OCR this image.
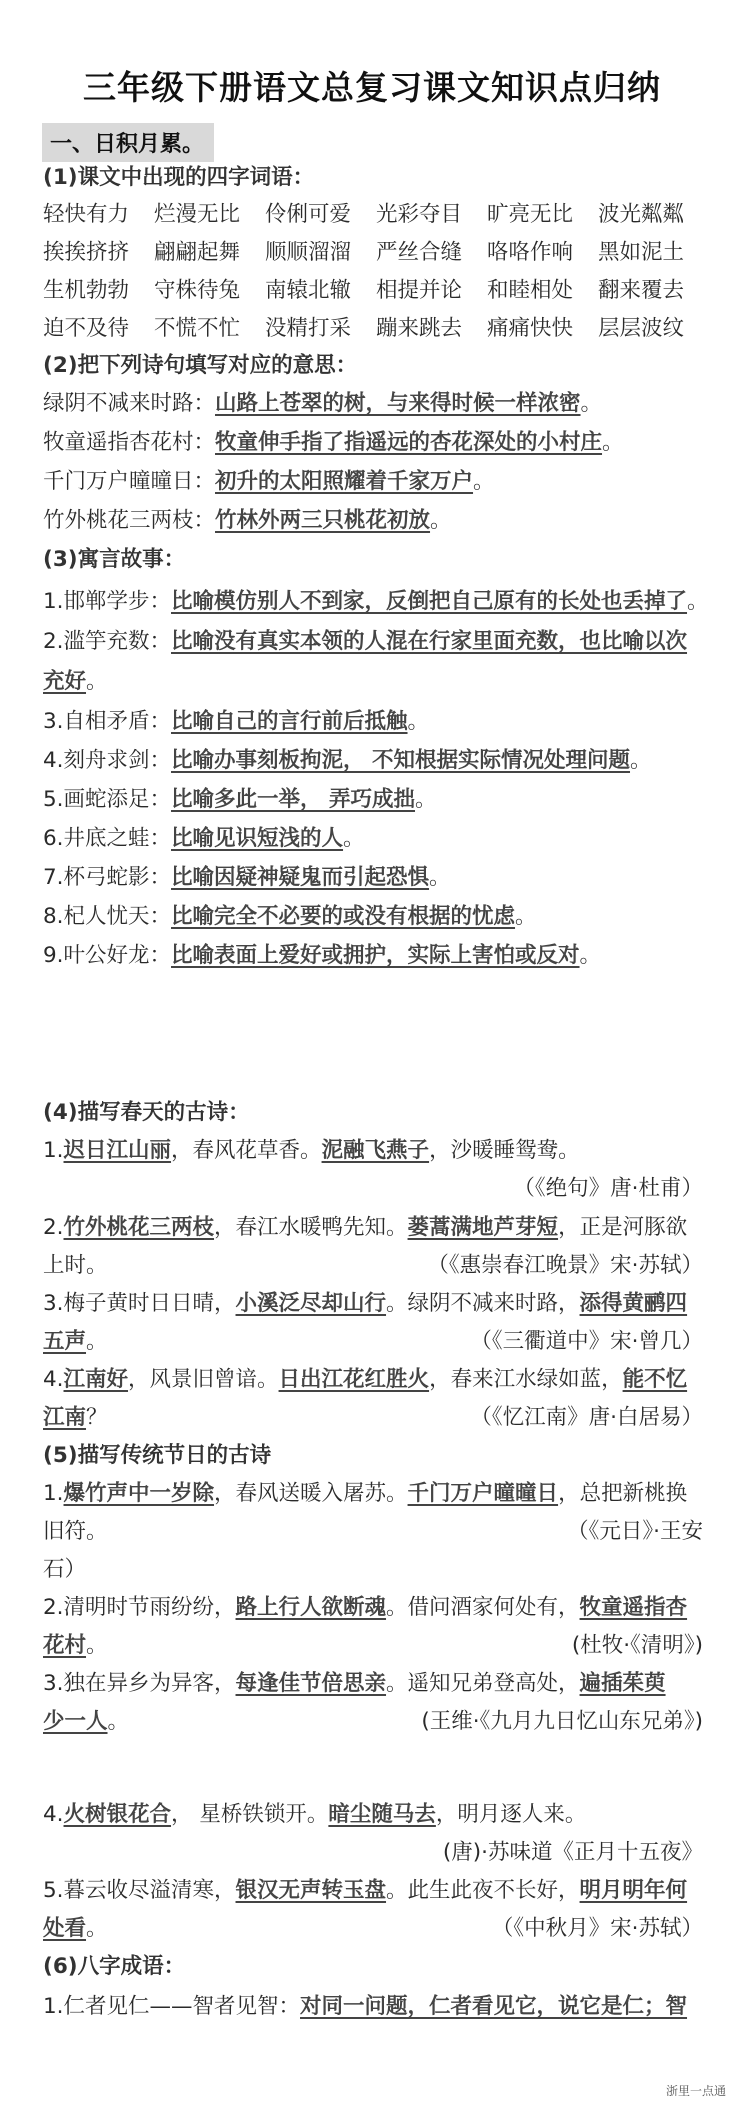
三年级下册语文总复习课文知识点归纳
一、日积月累。
(1)课文中出现的四字词语：
轻快有力 烂漫无比 伶俐可爱 光彩夺目 旷亮无比 波光粼粼
挨挨挤挤 翩翩起舞 顺顺溜溜 严丝合缝 咯咯作响 黑如泥土
生机勃勃 守株待兔 南辕北辙 相提并论 和睦相处 翻来覆去
迫不及待 不慌不忙 没精打采 蹦来跳去 痛痛快快 层层波纹
(2)把下列诗句填写对应的意思：
绿阴不减来时路：山路上苍翠的树，与来得时候一样浓密。
牧童遥指杏花村：牧童伸手指了指遥远的杏花深处的小村庄。
千门万户曈曈日：初升的太阳照耀着千家万户。
竹外桃花三两枝：竹林外两三只桃花初放。
(3)寓言故事：
1.邯郸学步：比喻模仿别人不到家，反倒把自己原有的长处也丢掉了。
2.滥竽充数：比喻没有真实本领的人混在行家里面充数，也比喻以次
充好。
3.自相矛盾：比喻自己的言行前后抵触。
4.刻舟求剑：比喻办事刻板拘泥， 不知根据实际情况处理问题。
5.画蛇添足：比喻多此一举， 弄巧成拙。
6.井底之蛙：比喻见识短浅的人。
7.杯弓蛇影：比喻因疑神疑鬼而引起恐惧。
8.杞人忧天：比喻完全不必要的或没有根据的忧虑。
9.叶公好龙：比喻表面上爱好或拥护，实际上害怕或反对。
(4)描写春天的古诗：
1.迟日江山丽，春风花草香。泥融飞燕子，沙暖睡鸳鸯。
（《绝句》唐·杜甫）
2.竹外桃花三两枝，春江水暖鸭先知。蒌蒿满地芦芽短，正是河豚欲
上时。	（《惠崇春江晚景》宋·苏轼）
3.梅子黄时日日晴，小溪泛尽却山行。绿阴不减来时路，添得黄鹂四
五声。	（《三衢道中》宋·曾几）
4.江南好，风景旧曾谙。日出江花红胜火，春来江水绿如蓝，能不忆
江南？	（《忆江南》唐·白居易）
(5)描写传统节日的古诗
1.爆竹声中一岁除，春风送暖入屠苏。千门万户曈曈日，总把新桃换
旧符。	（《元日》·王安
石）
2.清明时节雨纷纷，路上行人欲断魂。借问酒家何处有，牧童遥指杏
花村。	(杜牧·《清明》)
3.独在异乡为异客，每逢佳节倍思亲。遥知兄弟登高处，遍插茱萸
少一人。	(王维·《九月九日忆山东兄弟》)
4.火树银花合， 星桥铁锁开。暗尘随马去，明月逐人来。
(唐)·苏味道《正月十五夜》
5.暮云收尽溢清寒，银汉无声转玉盘。此生此夜不长好，明月明年何
处看。	（《中秋月》宋·苏轼）
(6)八字成语：
1.仁者见仁——智者见智：对同一问题，仁者看见它，说它是仁；智
浙里一点通
